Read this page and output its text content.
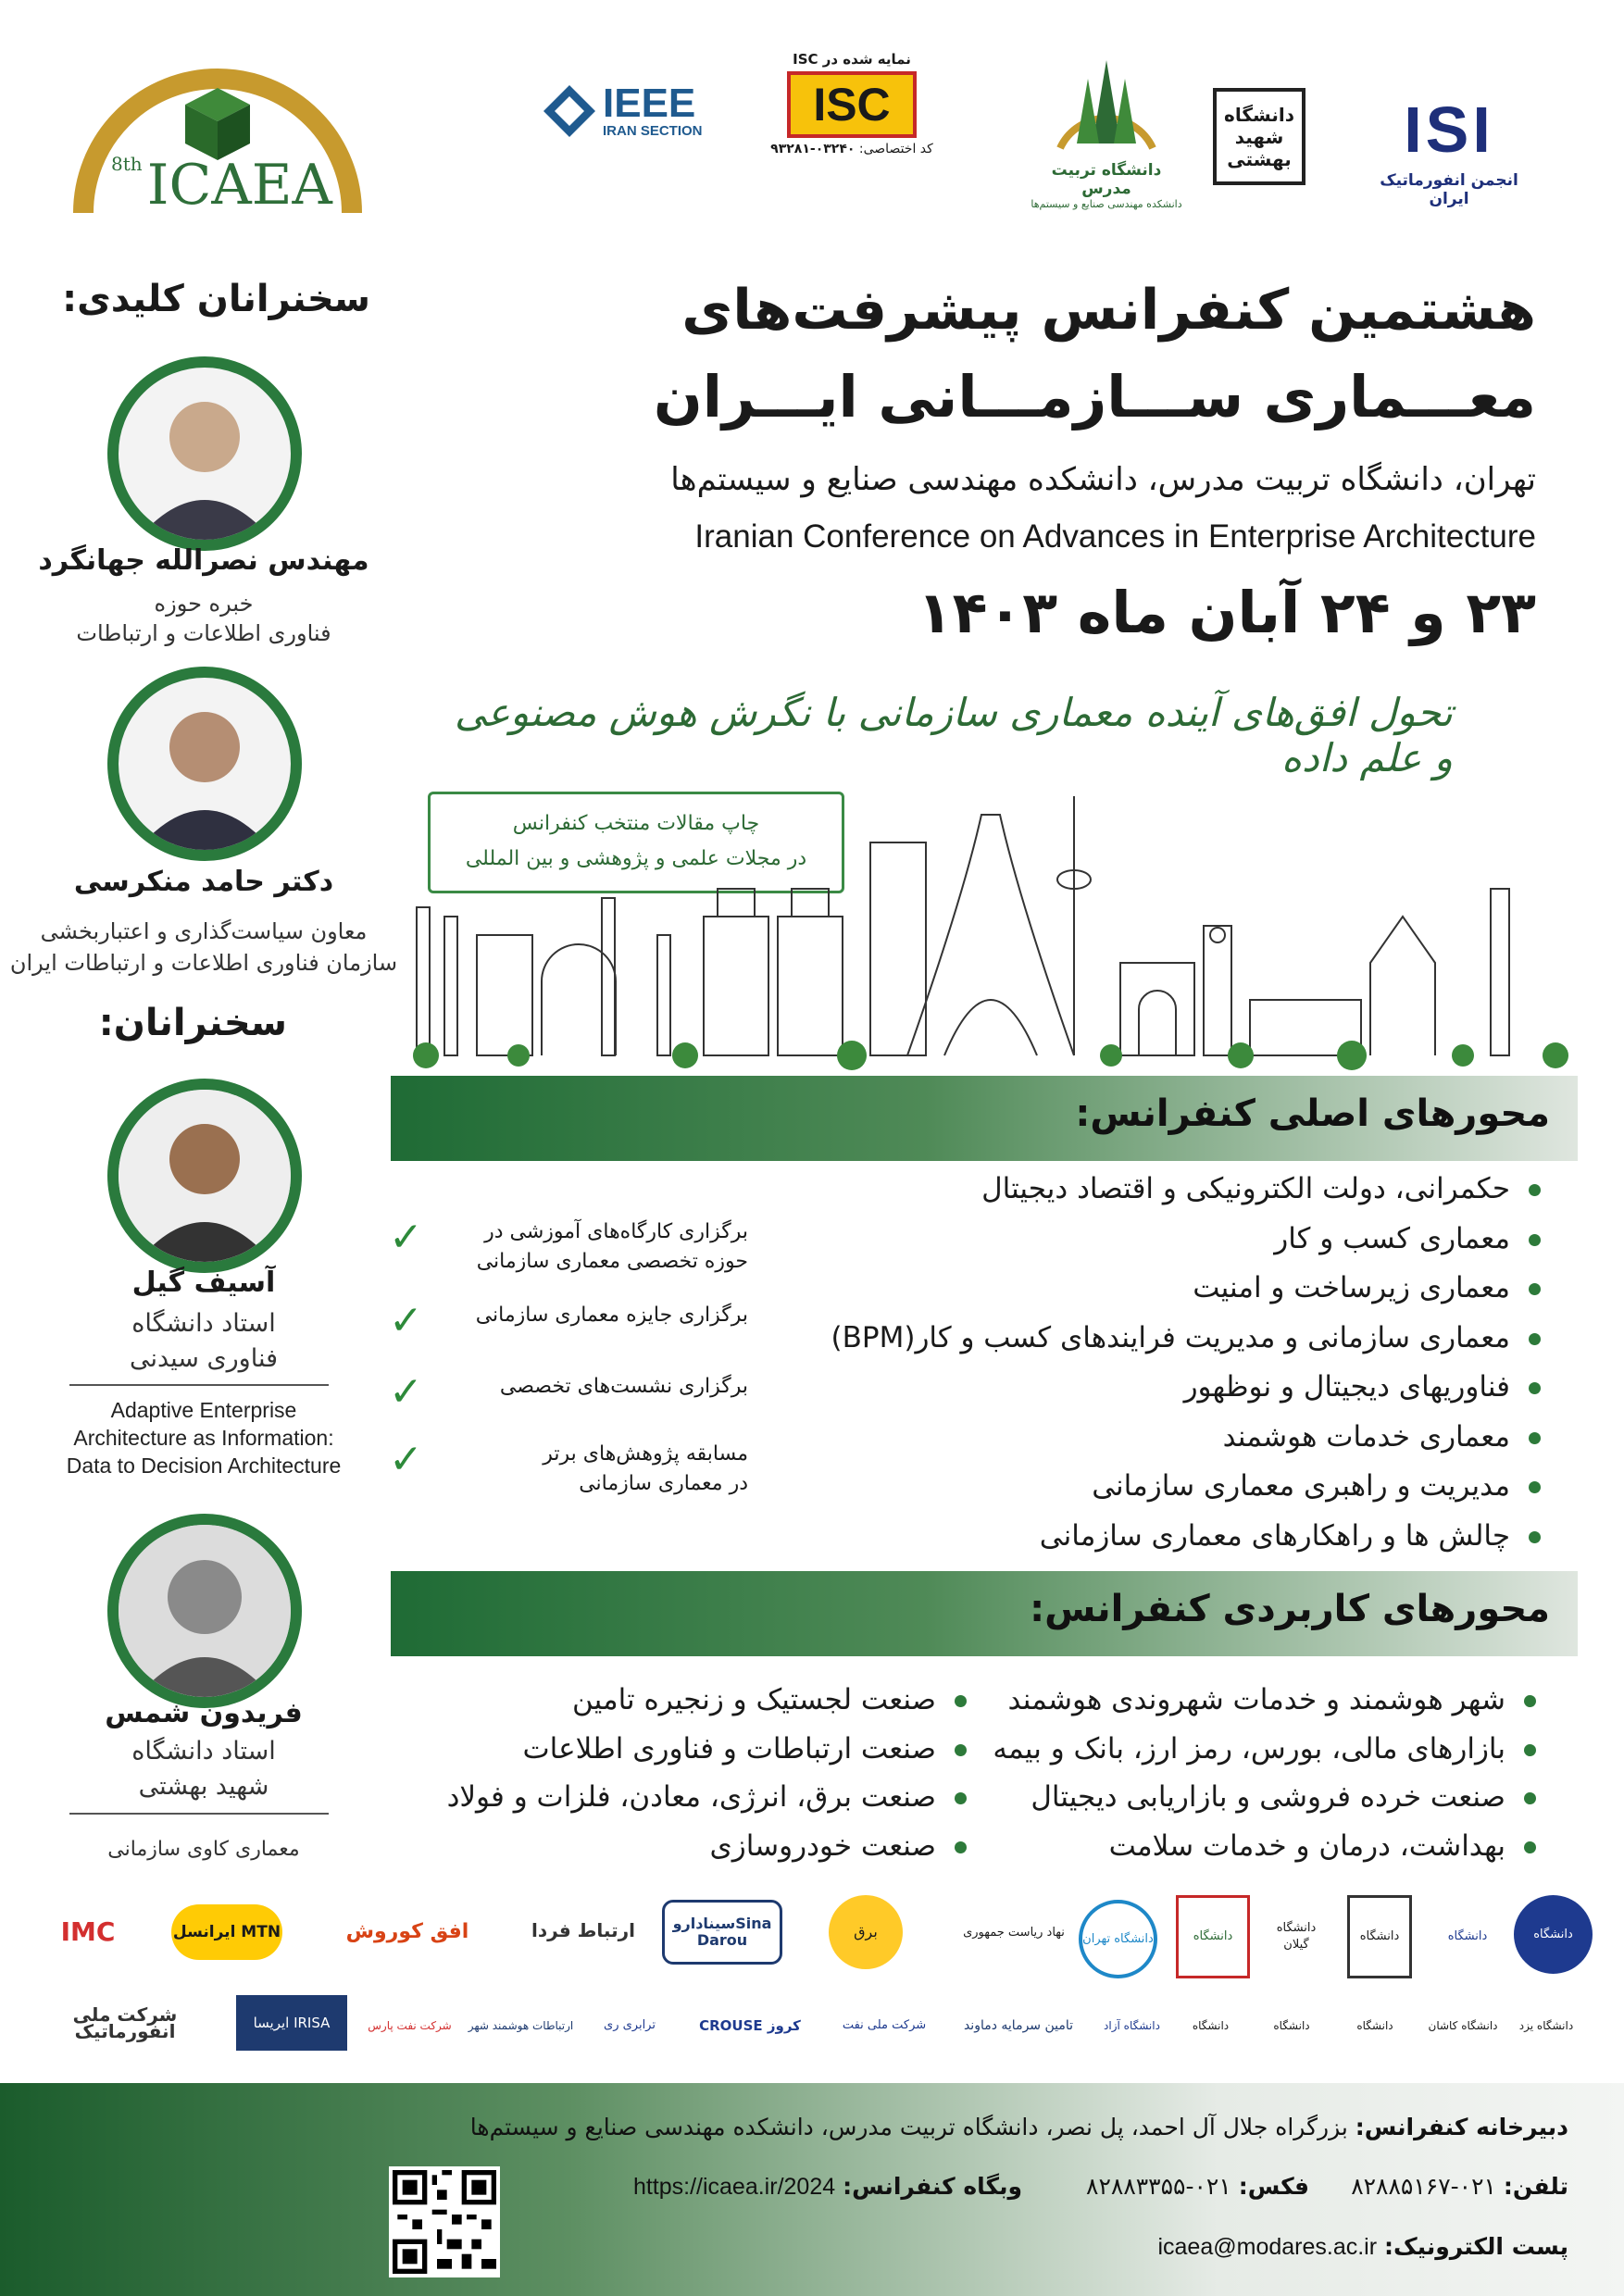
8th ICAEA
IEEE
IRAN SECTION
نمایه شده در ISC
ISC
کد اختصاصی: ۰۳۲۴۰-۹۳۲۸۱
دانشگاه تربیت مدرس
دانشکده مهندسی صنایع و سیستم‌ها
دانشگاه شهید بهشتی	ISI
انجمن انفورماتیک ایران
هشتمین کنفرانس پیشرفت‌های
معـــماری ســـازمـــانی ایـــران
تهران، دانشگاه تربیت مدرس، دانشکده مهندسی صنایع و سیستم‌ها
Iranian Conference on Advances in Enterprise Architecture
۲۳ و ۲۴ آبان ماه ۱۴۰۳
تحول افق‌های آینده معماری سازمانی با نگرش هوش مصنوعی و علم داده
چاپ مقالات منتخب کنفرانس
در مجلات علمی و پژوهشی و بین المللی
سخنرانان کلیدی:
مهندس نصرالله جهانگرد
خبره حوزه
فناوری اطلاعات و ارتباطات
دکتر حامد منکرسی
معاون سیاست‌گذاری و اعتباربخشی
سازمان فناوری اطلاعات و ارتباطات ایران
سخنرانان:
آسیف گیل
استاد دانشگاه
فناوری سیدنی
Adaptive Enterprise
Architecture as Information:
Data to Decision Architecture
فریدون شمس
استاد دانشگاه
شهید بهشتی
معماری کاوی سازمانی
محورهای اصلی کنفرانس:
حکمرانی، دولت الکترونیکی و اقتصاد دیجیتال
معماری کسب و کار
معماری زیرساخت و امنیت
معماری سازمانی و مدیریت فرایندهای کسب و کار(BPM)
فناوریهای دیجیتال و نوظهور
معماری خدمات هوشمند
مدیریت و راهبری معماری سازمانی
چالش ها و راهکارهای معماری سازمانی
✓	برگزاری کارگاه‌های آموزشی در
حوزه تخصصی معماری سازمانی
✓	برگزاری جایزه معماری سازمانی
✓	برگزاری نشست‌های تخصصی
✓	مسابقه پژوهش‌های برتر
در معماری سازمانی
محورهای کاربردی کنفرانس:
شهر هوشمند و خدمات شهروندی هوشمند
بازارهای مالی، بورس، رمز ارز، بانک و بیمه
صنعت خرده فروشی و بازاریابی دیجیتال
بهداشت، درمان و خدمات سلامت
صنعت لجستیک و زنجیره تامین
صنعت ارتباطات و فناوری اطلاعات
صنعت برق، انرژی، معادن، فلزات و فولاد
صنعت خودروسازی
IMC	ایرانسل MTN	افق کوروش	ارتباط فردا	سیناداروSina Darou	برق	نهاد ریاست جمهوری	دانشگاه تهران	دانشگاه
دانشگاه گیلان
دانشگاه	دانشگاه	دانشگاه
شرکت ملی انفورماتیک	ایریسا IRISA	شرکت نفت پارس ارتباطات هوشمند شهر	ترابری ری	CROUSE کروز	شرکت ملی نفت	تامین سرمایه دماوند	دانشگاه آزاد	دانشگاه	دانشگاه	دانشگاه	دانشگاه کاشان	دانشگاه یزد
دبیرخانه کنفرانس: بزرگراه جلال آل احمد، پل نصر، دانشگاه تربیت مدرس، دانشکده مهندسی صنایع و سیستم‌ها
تلفن: ۰۲۱-۸۲۸۸۵۱۶۷
فکس: ۰۲۱-۸۲۸۸۳۳۵۵
وبگاه کنفرانس: https://icaea.ir/2024
پست الکترونیک: icaea@modares.ac.ir
